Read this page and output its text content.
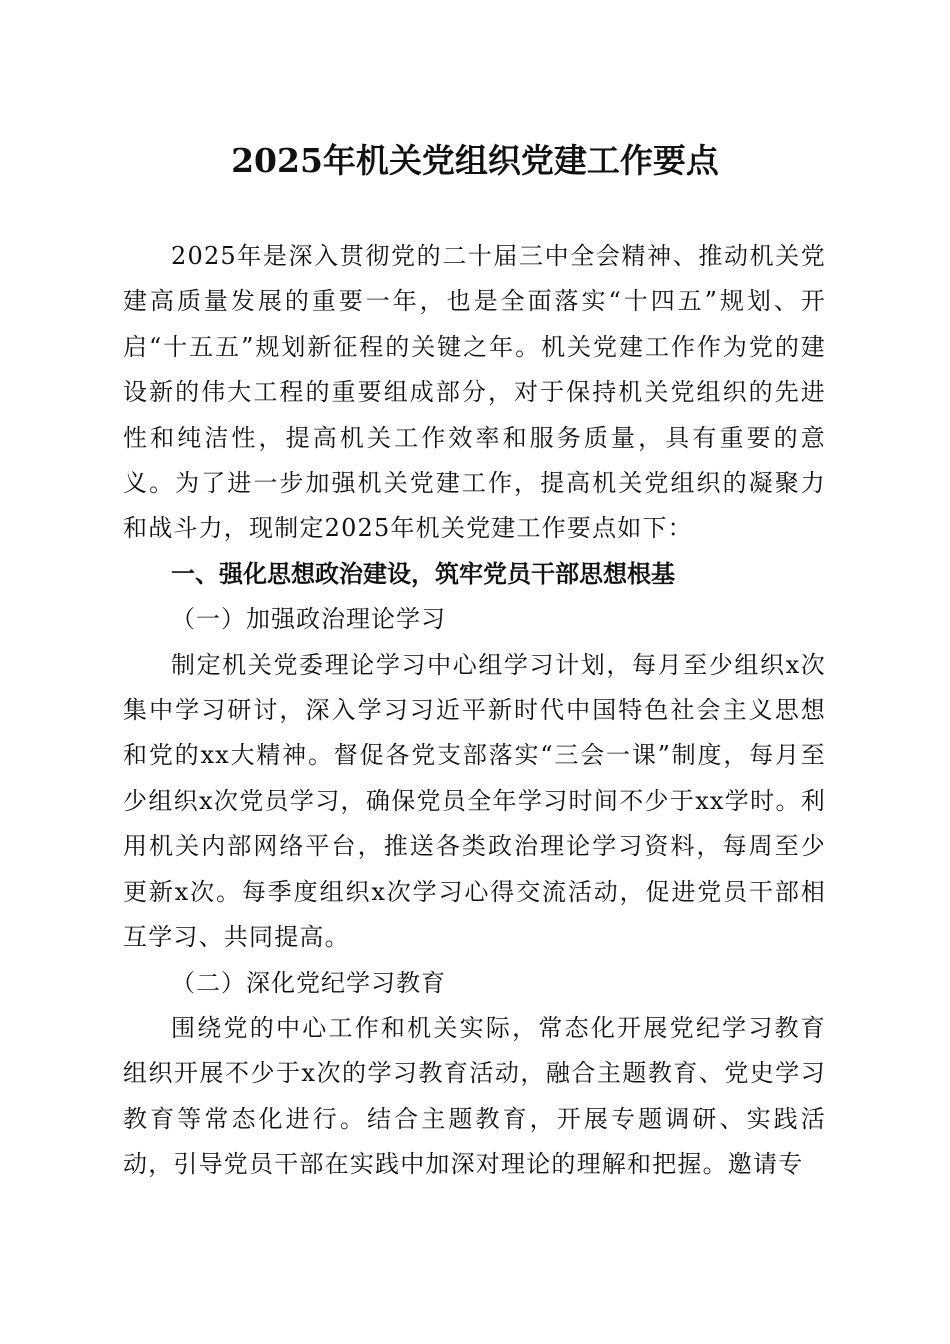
2025年机关党组织党建工作要点

2025年是深入贯彻党的二十届三中全会精神、推动机关党建高质量发展的重要一年，也是全面落实“十四五”规划、开启“十五五”规划新征程的关键之年。机关党建工作作为党的建设新的伟大工程的重要组成部分，对于保持机关党组织的先进性和纯洁性，提高机关工作效率和服务质量，具有重要的意义。为了进一步加强机关党建工作，提高机关党组织的凝聚力和战斗力，现制定2025年机关党建工作要点如下：

一、强化思想政治建设，筑牢党员干部思想根基

（一）加强政治理论学习

制定机关党委理论学习中心组学习计划，每月至少组织x次集中学习研讨，深入学习习近平新时代中国特色社会主义思想和党的xx大精神。督促各党支部落实“三会一课”制度，每月至少组织x次党员学习，确保党员全年学习时间不少于xx学时。利用机关内部网络平台，推送各类政治理论学习资料，每周至少更新x次。每季度组织x次学习心得交流活动，促进党员干部相互学习、共同提高。

（二）深化党纪学习教育

围绕党的中心工作和机关实际，常态化开展党纪学习教育组织开展不少于x次的学习教育活动，融合主题教育、党史学习教育等常态化进行。结合主题教育，开展专题调研、实践活动，引导党员干部在实践中加深对理论的理解和把握。邀请专
